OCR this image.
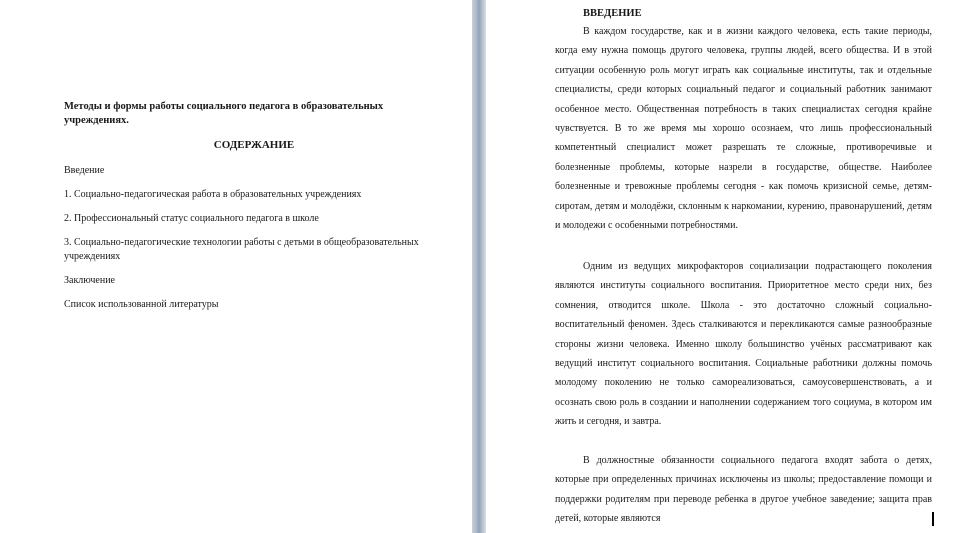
Методы и формы работы социального педагога в образовательных учреждениях.
СОДЕРЖАНИЕ
Введение
1. Социально-педагогическая работа в образовательных учреждениях
2. Профессиональный статус социального педагога в школе
3. Социально-педагогические технологии работы с детьми в общеобразовательных учреждениях
Заключение
Список использованной литературы
ВВЕДЕНИЕ
В каждом государстве, как и в жизни каждого человека, есть такие периоды, когда ему нужна помощь другого человека, группы людей, всего общества. И в этой ситуации особенную роль могут играть как социальные институты, так и отдельные специалисты, среди которых социальный педагог и социальный работник занимают особенное место. Общественная потребность в таких специалистах сегодня крайне чувствуется. В то же время мы хорошо осознаем, что лишь профессиональный компетентный специалист может разрешать те сложные, противоречивые и болезненные проблемы, которые назрели в государстве, обществе. Наиболее болезненные и тревожные проблемы сегодня - как помочь кризисной семье, детям-сиротам, детям и молодёжи, склонным к наркомании, курению, правонарушений, детям и молодежи с особенными потребностями.
Одним из ведущих микрофакторов социализации подрастающего поколения являются институты социального воспитания. Приоритетное место среди них, без сомнения, отводится школе. Школа - это достаточно сложный социально-воспитательный феномен. Здесь сталкиваются и перекликаются самые разнообразные стороны жизни человека. Именно школу большинство учёных рассматривают как ведущий институт социального воспитания. Социальные работники должны помочь молодому поколению не только самореализоваться, самоусовершенствовать, а и осознать свою роль в создании и наполнении содержанием того социума, в котором им жить и сегодня, и завтра.
В должностные обязанности социального педагога входят забота о детях, которые при определенных причинах исключены из школы; предоставление помощи и поддержки родителям при переводе ребенка в другое учебное заведение; защита прав детей, которые являются
